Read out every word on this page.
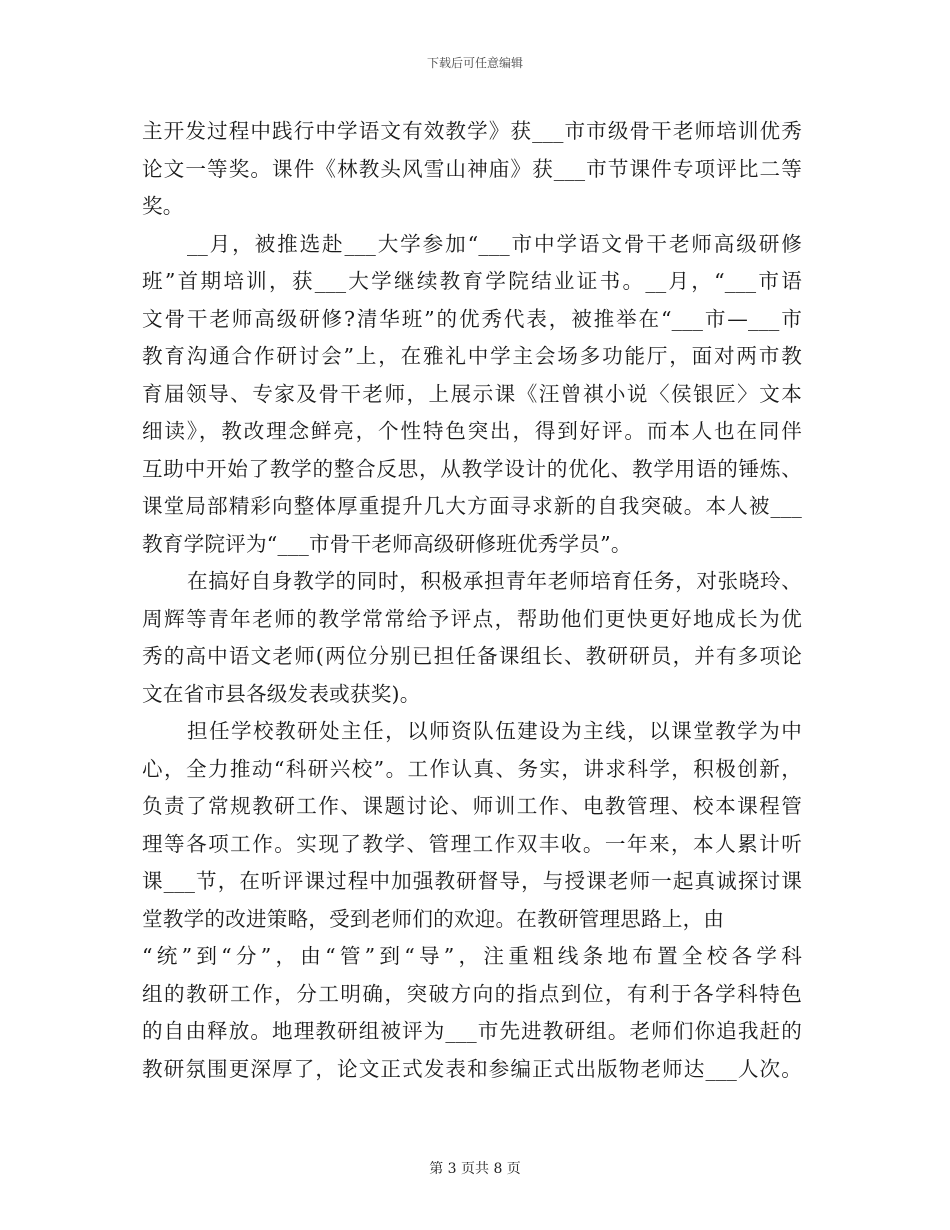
下载后可任意编辑
主开发过程中践行中学语文有效教学》获___市市级骨干老师培训优秀
论文一等奖。课件《林教头风雪山神庙》获___市节课件专项评比二等
奖。
__月，被推选赴___大学参加“___市中学语文骨干老师高级研修
班”首期培训，获___大学继续教育学院结业证书。__月，“___市语
文骨干老师高级研修?清华班”的优秀代表，被推举在“___市—___市
教育沟通合作研讨会”上，在雅礼中学主会场多功能厅，面对两市教
育届领导、专家及骨干老师，上展示课《汪曾祺小说〈侯银匠〉文本
细读》，教改理念鲜亮，个性特色突出，得到好评。而本人也在同伴
互助中开始了教学的整合反思，从教学设计的优化、教学用语的锤炼、
课堂局部精彩向整体厚重提升几大方面寻求新的自我突破。本人被___
教育学院评为“___市骨干老师高级研修班优秀学员”。
在搞好自身教学的同时，积极承担青年老师培育任务，对张晓玲、
周辉等青年老师的教学常常给予评点，帮助他们更快更好地成长为优
秀的高中语文老师(两位分别已担任备课组长、教研研员，并有多项论
文在省市县各级发表或获奖)。
担任学校教研处主任，以师资队伍建设为主线，以课堂教学为中
心，全力推动“科研兴校”。工作认真、务实，讲求科学，积极创新，
负责了常规教研工作、课题讨论、师训工作、电教管理、校本课程管
理等各项工作。实现了教学、管理工作双丰收。一年来，本人累计听
课___节，在听评课过程中加强教研督导，与授课老师一起真诚探讨课
堂教学的改进策略，受到老师们的欢迎。在教研管理思路上，由
“统”到“分”，由“管”到“导”，注重粗线条地布置全校各学科
组的教研工作，分工明确，突破方向的指点到位，有利于各学科特色
的自由释放。地理教研组被评为___市先进教研组。老师们你追我赶的
教研氛围更深厚了，论文正式发表和参编正式出版物老师达___人次。
第 3 页共 8 页
